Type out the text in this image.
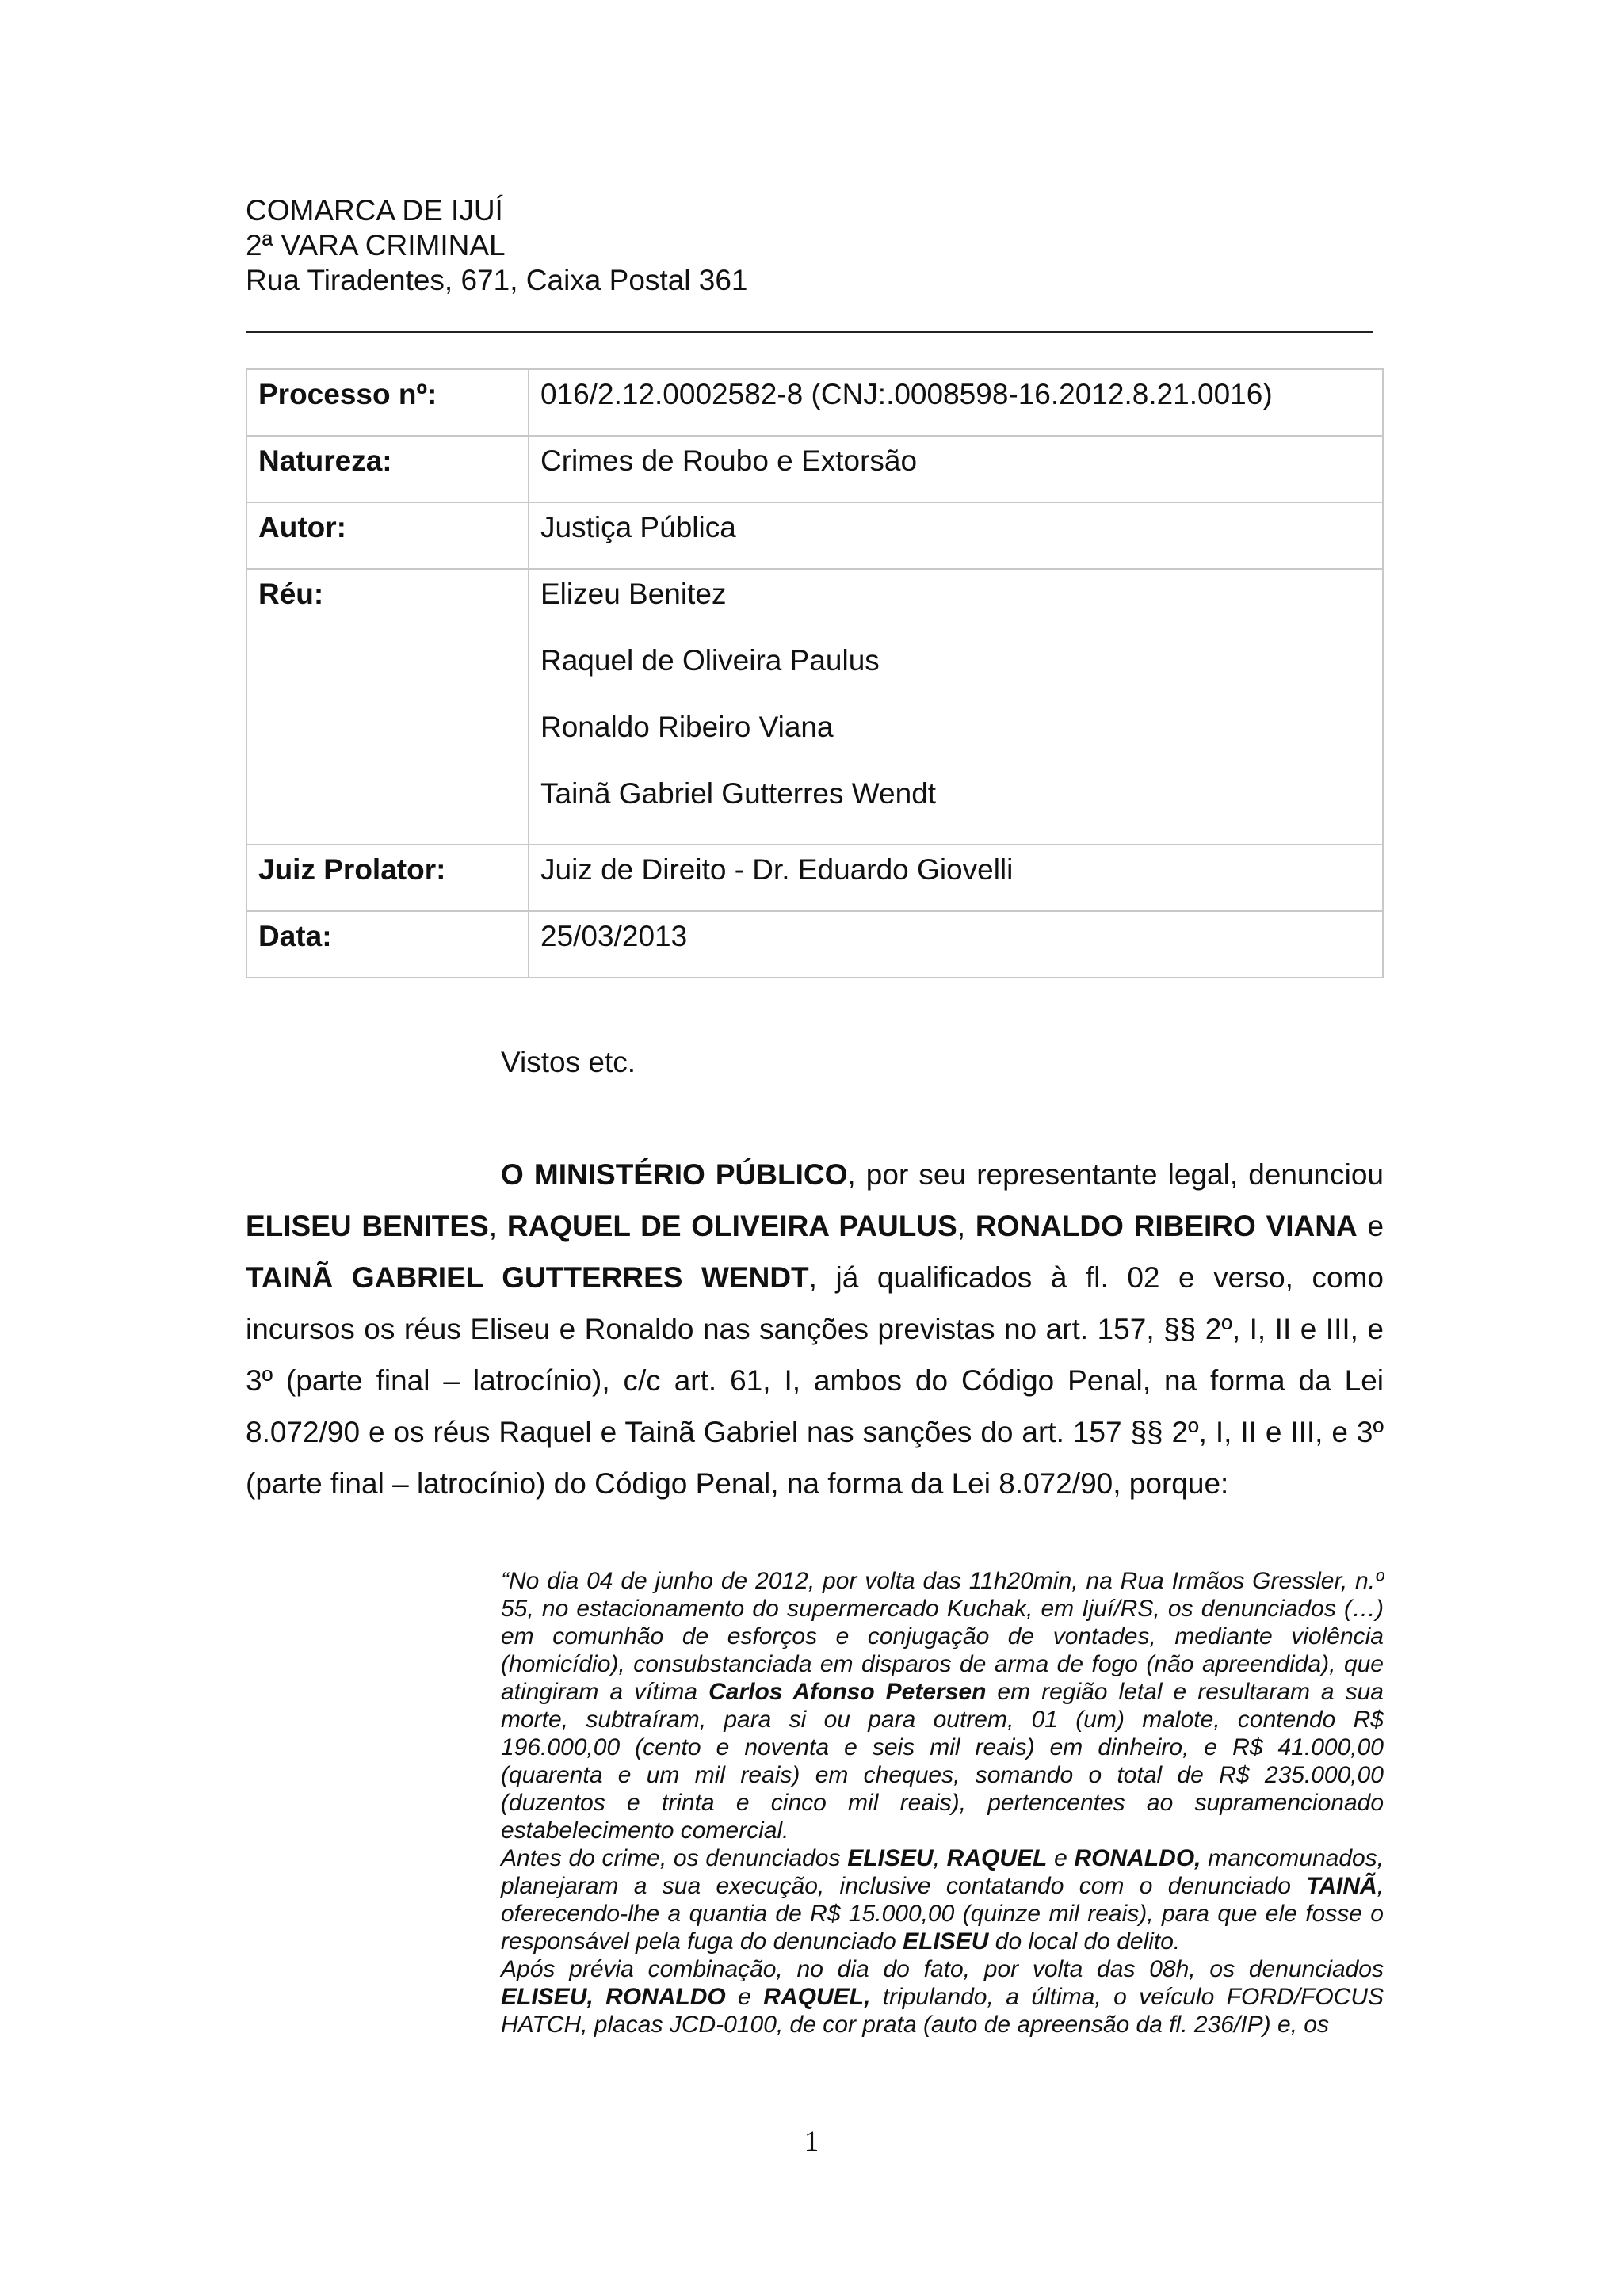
COMARCA DE IJUÍ
2ª VARA CRIMINAL
Rua Tiradentes, 671, Caixa Postal 361
Processo nº:	016/2.12.0002582-8 (CNJ:.0008598-16.2012.8.21.0016)
Natureza:	Crimes de Roubo e Extorsão
Autor:	Justiça Pública
Réu:	Elizeu Benitez
Raquel de Oliveira Paulus
Ronaldo Ribeiro Viana
Tainã Gabriel Gutterres Wendt

Juiz Prolator:	Juiz de Direito - Dr. Eduardo Giovelli
Data:	25/03/2013
Vistos etc.
O MINISTÉRIO PÚBLICO, por seu representante legal, denunciou ELISEU BENITES, RAQUEL DE OLIVEIRA PAULUS, RONALDO RIBEIRO VIANA e TAINÃ GABRIEL GUTTERRES WENDT, já qualificados à fl. 02 e verso, como incursos os réus Eliseu e Ronaldo nas sanções previstas no art. 157, §§ 2º, I, II e III, e 3º (parte final – latrocínio), c/c art. 61, I, ambos do Código Penal, na forma da Lei 8.072/90 e os réus Raquel e Tainã Gabriel nas sanções do art. 157 §§ 2º, I, II e III, e 3º (parte final – latrocínio) do Código Penal, na forma da Lei 8.072/90, porque:

“No dia 04 de junho de 2012, por volta das 11h20min, na Rua Irmãos Gressler, n.º 55, no estacionamento do supermercado Kuchak, em Ijuí/RS, os denunciados (…) em comunhão de esforços e conjugação de vontades, mediante violência (homicídio), consubstanciada em disparos de arma de fogo (não apreendida), que atingiram a vítima Carlos Afonso Petersen em região letal e resultaram a sua morte, subtraíram, para si ou para outrem, 01 (um) malote, contendo R$ 196.000,00 (cento e noventa e seis mil reais) em dinheiro, e R$ 41.000,00 (quarenta e um mil reais) em cheques, somando o total de R$ 235.000,00 (duzentos e trinta e cinco mil reais), pertencentes ao supramencionado estabelecimento comercial.

Antes do crime, os denunciados ELISEU, RAQUEL e RONALDO, mancomunados, planejaram a sua execução, inclusive contatando com o denunciado TAINÃ, oferecendo-lhe a quantia de R$ 15.000,00 (quinze mil reais), para que ele fosse o responsável pela fuga do denunciado ELISEU do local do delito.

Após prévia combinação, no dia do fato, por volta das 08h, os denunciados ELISEU, RONALDO e RAQUEL, tripulando, a última, o veículo FORD/FOCUS HATCH, placas JCD-0100, de cor prata (auto de apreensão da fl. 236/IP) e, os

1
